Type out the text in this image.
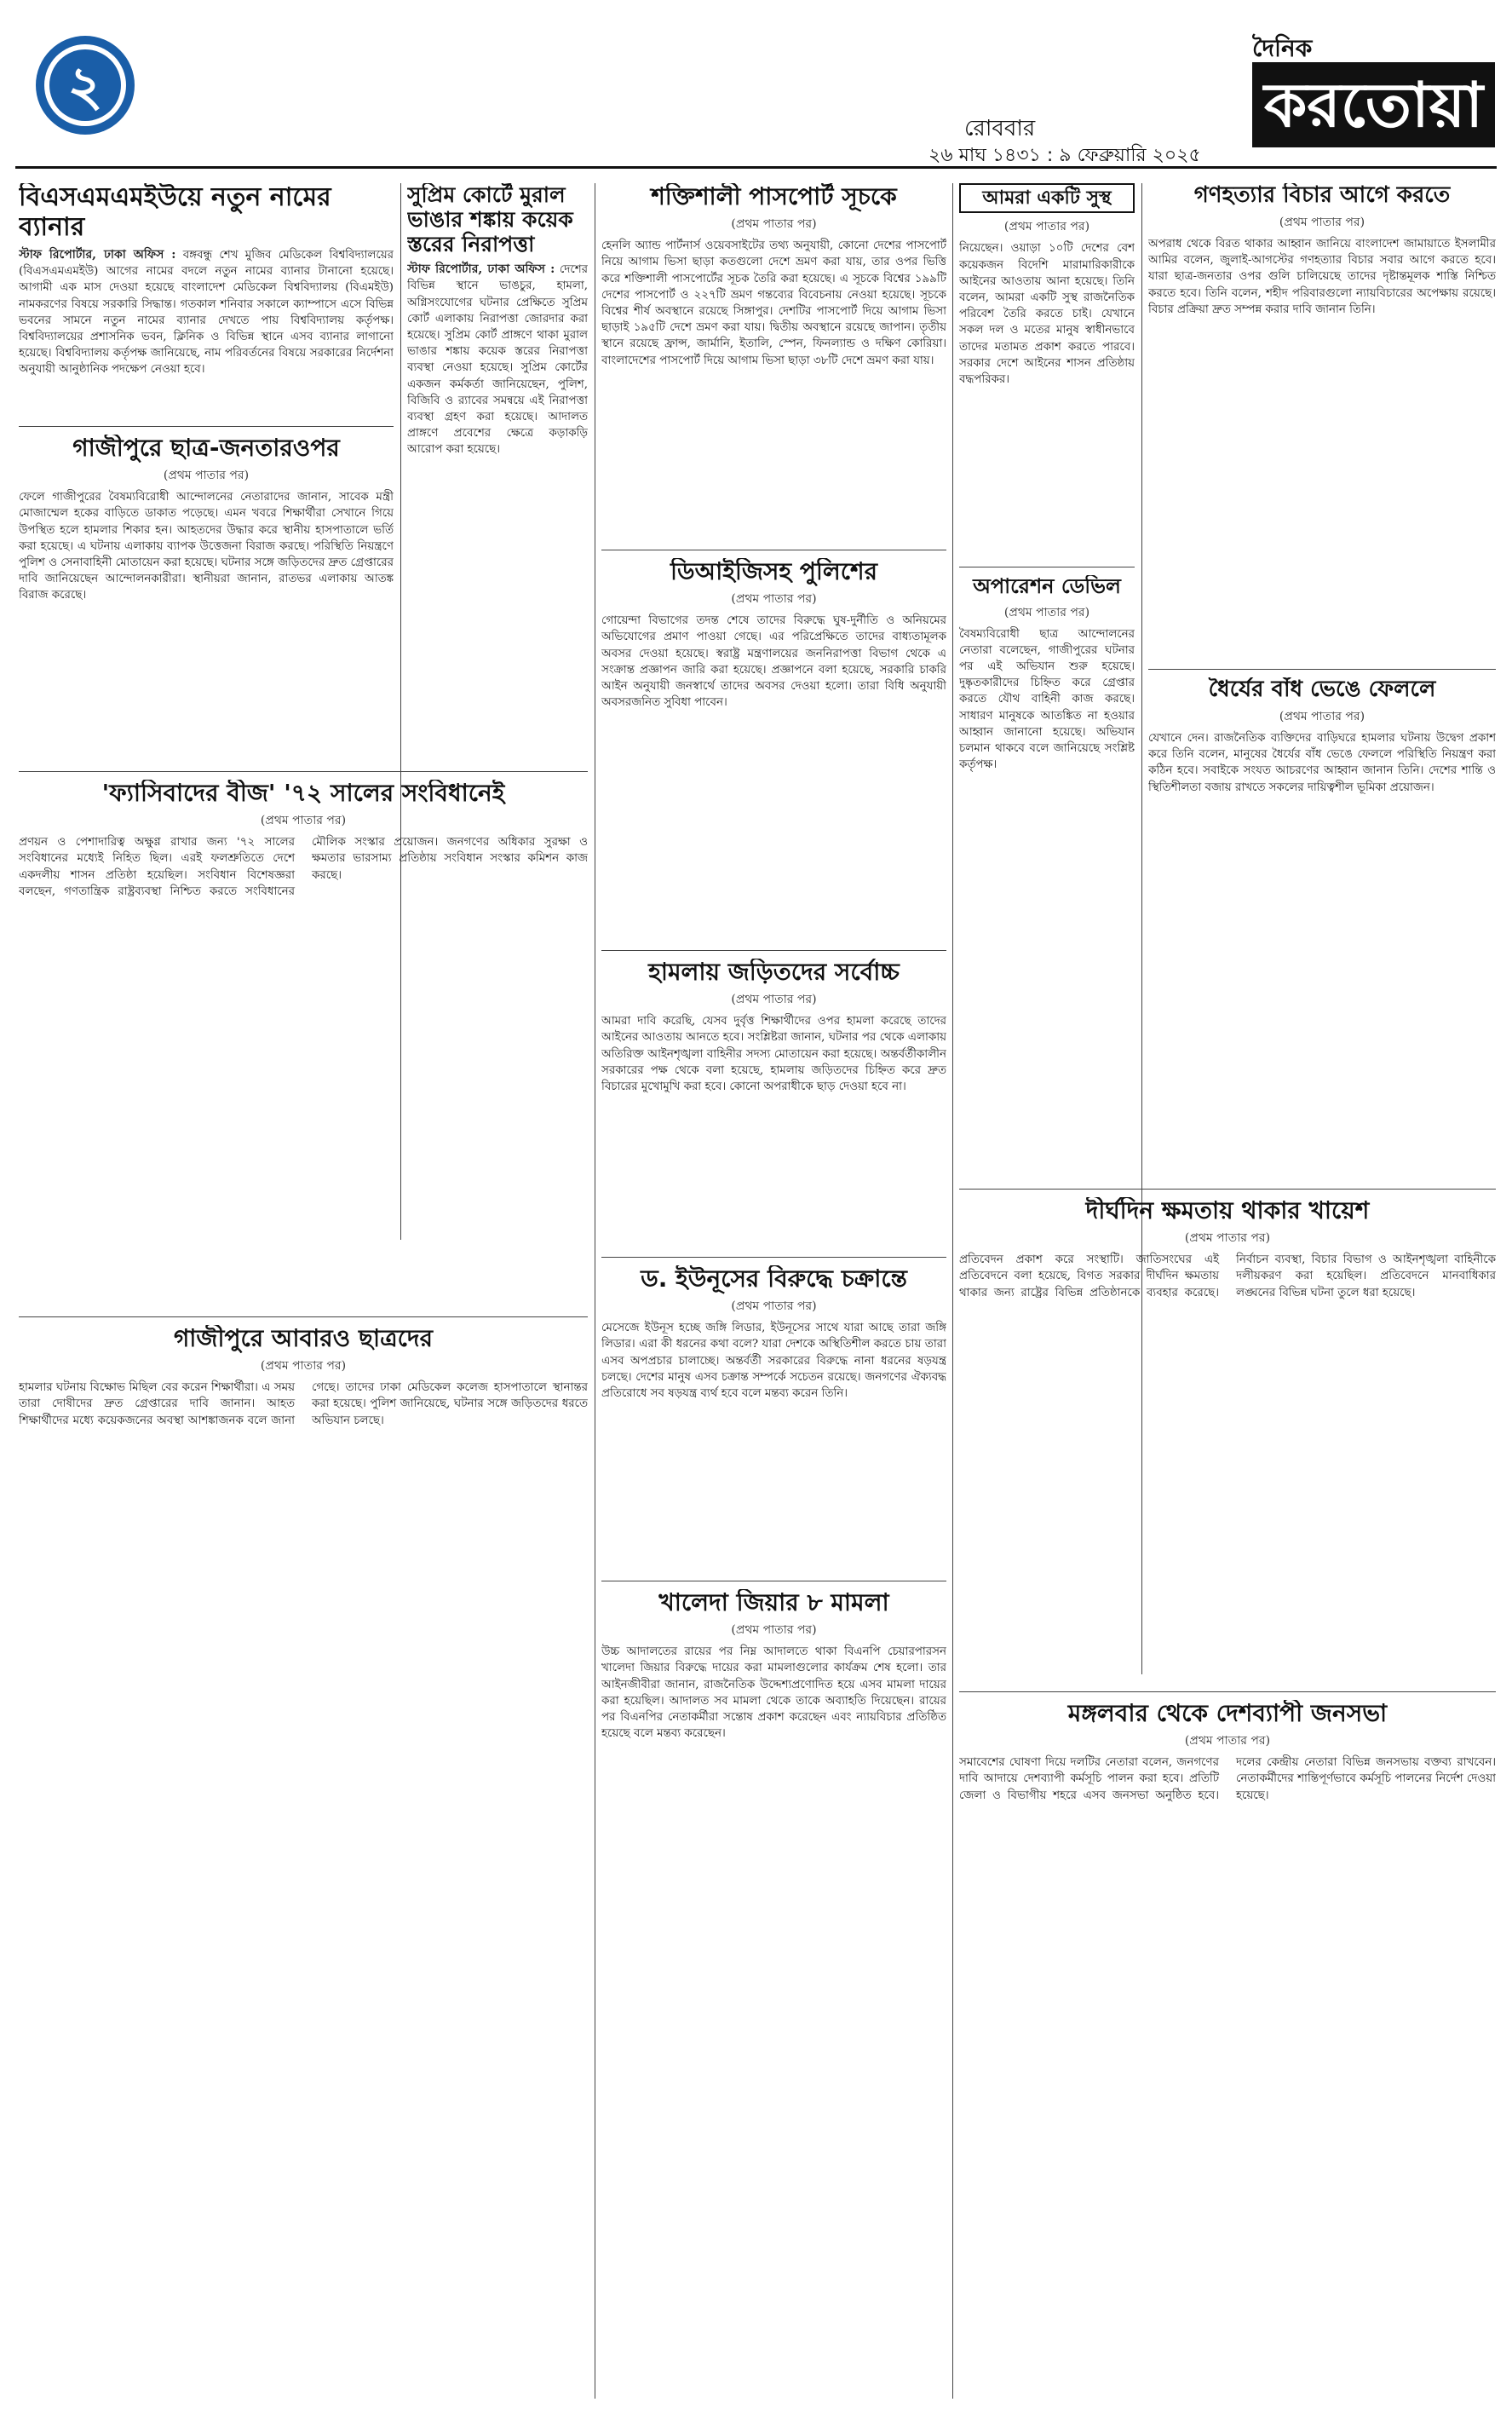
২
রোববার
২৬ মাঘ ১৪৩১ : ৯ ফেব্রুয়ারি ২০২৫
দৈনিক
করতোয়া
বিএসএমএমইউয়ে নতুন নামের ব্যানার
স্টাফ রিপোর্টার, ঢাকা অফিস : বঙ্গবন্ধু শেখ মুজিব মেডিকেল বিশ্ববিদ্যালয়ের (বিএসএমএমইউ) আগের নামের বদলে নতুন নামের ব্যানার টানানো হয়েছে। আগামী এক মাস দেওয়া হয়েছে বাংলাদেশ মেডিকেল বিশ্ববিদ্যালয় (বিএমইউ) নামকরণের বিষয়ে সরকারি সিদ্ধান্ত। গতকাল শনিবার সকালে ক্যাম্পাসে এসে বিভিন্ন ভবনের সামনে নতুন নামের ব্যানার দেখতে পায় বিশ্ববিদ্যালয় কর্তৃপক্ষ। বিশ্ববিদ্যালয়ের প্রশাসনিক ভবন, ক্লিনিক ও বিভিন্ন স্থানে এসব ব্যানার লাগানো হয়েছে। বিশ্ববিদ্যালয় কর্তৃপক্ষ জানিয়েছে, নাম পরিবর্তনের বিষয়ে সরকারের নির্দেশনা অনুযায়ী আনুষ্ঠানিক পদক্ষেপ নেওয়া হবে।
গাজীপুরে ছাত্র-জনতারওপর
(প্রথম পাতার পর)
ফেলে গাজীপুরের বৈষম্যবিরোধী আন্দোলনের নেতারাদের জানান, সাবেক মন্ত্রী মোজাম্মেল হকের বাড়িতে ডাকাত পড়েছে। এমন খবরে শিক্ষার্থীরা সেখানে গিয়ে উপস্থিত হলে হামলার শিকার হন। আহতদের উদ্ধার করে স্থানীয় হাসপাতালে ভর্তি করা হয়েছে। এ ঘটনায় এলাকায় ব্যাপক উত্তেজনা বিরাজ করছে। পরিস্থিতি নিয়ন্ত্রণে পুলিশ ও সেনাবাহিনী মোতায়েন করা হয়েছে। ঘটনার সঙ্গে জড়িতদের দ্রুত গ্রেপ্তারের দাবি জানিয়েছেন আন্দোলনকারীরা। স্থানীয়রা জানান, রাতভর এলাকায় আতঙ্ক বিরাজ করেছে।
সুপ্রিম কোর্টে মুরাল ভাঙার শঙ্কায় কয়েক স্তরের নিরাপত্তা
স্টাফ রিপোর্টার, ঢাকা অফিস : দেশের বিভিন্ন স্থানে ভাঙচুর, হামলা, অগ্নিসংযোগের ঘটনার প্রেক্ষিতে সুপ্রিম কোর্ট এলাকায় নিরাপত্তা জোরদার করা হয়েছে। সুপ্রিম কোর্ট প্রাঙ্গণে থাকা মুরাল ভাঙার শঙ্কায় কয়েক স্তরের নিরাপত্তা ব্যবস্থা নেওয়া হয়েছে। সুপ্রিম কোর্টের একজন কর্মকর্তা জানিয়েছেন, পুলিশ, বিজিবি ও র‍্যাবের সমন্বয়ে এই নিরাপত্তা ব্যবস্থা গ্রহণ করা হয়েছে। আদালত প্রাঙ্গণে প্রবেশের ক্ষেত্রে কড়াকড়ি আরোপ করা হয়েছে।
'ফ্যাসিবাদের বীজ' '৭২ সালের সংবিধানেই
(প্রথম পাতার পর)
প্রণয়ন ও পেশাদারিত্ব অক্ষুণ্ণ রাখার জন্য '৭২ সালের সংবিধানের মধ্যেই নিহিত ছিল। এরই ফলশ্রুতিতে দেশে একদলীয় শাসন প্রতিষ্ঠা হয়েছিল। সংবিধান বিশেষজ্ঞরা বলছেন, গণতান্ত্রিক রাষ্ট্রব্যবস্থা নিশ্চিত করতে সংবিধানের মৌলিক সংস্কার প্রয়োজন। জনগণের অধিকার সুরক্ষা ও ক্ষমতার ভারসাম্য প্রতিষ্ঠায় সংবিধান সংস্কার কমিশন কাজ করছে।
গাজীপুরে আবারও ছাত্রদের
(প্রথম পাতার পর)
হামলার ঘটনায় বিক্ষোভ মিছিল বের করেন শিক্ষার্থীরা। এ সময় তারা দোষীদের দ্রুত গ্রেপ্তারের দাবি জানান। আহত শিক্ষার্থীদের মধ্যে কয়েকজনের অবস্থা আশঙ্কাজনক বলে জানা গেছে। তাদের ঢাকা মেডিকেল কলেজ হাসপাতালে স্থানান্তর করা হয়েছে। পুলিশ জানিয়েছে, ঘটনার সঙ্গে জড়িতদের ধরতে অভিযান চলছে।
শক্তিশালী পাসপোর্ট সূচকে
(প্রথম পাতার পর)
হেনলি অ্যান্ড পার্টনার্স ওয়েবসাইটের তথ্য অনুযায়ী, কোনো দেশের পাসপোর্ট নিয়ে আগাম ভিসা ছাড়া কতগুলো দেশে ভ্রমণ করা যায়, তার ওপর ভিত্তি করে শক্তিশালী পাসপোর্টের সূচক তৈরি করা হয়েছে। এ সূচকে বিশ্বের ১৯৯টি দেশের পাসপোর্ট ও ২২৭টি ভ্রমণ গন্তব্যের বিবেচনায় নেওয়া হয়েছে। সূচকে বিশ্বের শীর্ষ অবস্থানে রয়েছে সিঙ্গাপুর। দেশটির পাসপোর্ট দিয়ে আগাম ভিসা ছাড়াই ১৯৫টি দেশে ভ্রমণ করা যায়। দ্বিতীয় অবস্থানে রয়েছে জাপান। তৃতীয় স্থানে রয়েছে ফ্রান্স, জার্মানি, ইতালি, স্পেন, ফিনল্যান্ড ও দক্ষিণ কোরিয়া। বাংলাদেশের পাসপোর্ট দিয়ে আগাম ভিসা ছাড়া ৩৮টি দেশে ভ্রমণ করা যায়।
ডিআইজিসহ পুলিশের
(প্রথম পাতার পর)
গোয়েন্দা বিভাগের তদন্ত শেষে তাদের বিরুদ্ধে ঘুষ-দুর্নীতি ও অনিয়মের অভিযোগের প্রমাণ পাওয়া গেছে। এর পরিপ্রেক্ষিতে তাদের বাধ্যতামূলক অবসর দেওয়া হয়েছে। স্বরাষ্ট্র মন্ত্রণালয়ের জননিরাপত্তা বিভাগ থেকে এ সংক্রান্ত প্রজ্ঞাপন জারি করা হয়েছে। প্রজ্ঞাপনে বলা হয়েছে, সরকারি চাকরি আইন অনুযায়ী জনস্বার্থে তাদের অবসর দেওয়া হলো। তারা বিধি অনুযায়ী অবসরজনিত সুবিধা পাবেন।
হামলায় জড়িতদের সর্বোচ্চ
(প্রথম পাতার পর)
আমরা দাবি করেছি, যেসব দুর্বৃত্ত শিক্ষার্থীদের ওপর হামলা করেছে তাদের আইনের আওতায় আনতে হবে। সংশ্লিষ্টরা জানান, ঘটনার পর থেকে এলাকায় অতিরিক্ত আইনশৃঙ্খলা বাহিনীর সদস্য মোতায়েন করা হয়েছে। অন্তর্বর্তীকালীন সরকারের পক্ষ থেকে বলা হয়েছে, হামলায় জড়িতদের চিহ্নিত করে দ্রুত বিচারের মুখোমুখি করা হবে। কোনো অপরাধীকে ছাড় দেওয়া হবে না।
ড. ইউনূসের বিরুদ্ধে চক্রান্তে
(প্রথম পাতার পর)
মেসেজে ইউনূস হচ্ছে জঙ্গি লিডার, ইউনূসের সাথে যারা আছে তারা জঙ্গি লিডার। এরা কী ধরনের কথা বলে? যারা দেশকে অস্থিতিশীল করতে চায় তারা এসব অপপ্রচার চালাচ্ছে। অন্তর্বর্তী সরকারের বিরুদ্ধে নানা ধরনের ষড়যন্ত্র চলছে। দেশের মানুষ এসব চক্রান্ত সম্পর্কে সচেতন রয়েছে। জনগণের ঐক্যবদ্ধ প্রতিরোধে সব ষড়যন্ত্র ব্যর্থ হবে বলে মন্তব্য করেন তিনি।
খালেদা জিয়ার ৮ মামলা
(প্রথম পাতার পর)
উচ্চ আদালতের রায়ের পর নিম্ন আদালতে থাকা বিএনপি চেয়ারপারসন খালেদা জিয়ার বিরুদ্ধে দায়ের করা মামলাগুলোর কার্যক্রম শেষ হলো। তার আইনজীবীরা জানান, রাজনৈতিক উদ্দেশ্যপ্রণোদিত হয়ে এসব মামলা দায়ের করা হয়েছিল। আদালত সব মামলা থেকে তাকে অব্যাহতি দিয়েছেন। রায়ের পর বিএনপির নেতাকর্মীরা সন্তোষ প্রকাশ করেছেন এবং ন্যায়বিচার প্রতিষ্ঠিত হয়েছে বলে মন্তব্য করেছেন।
আমরা একটি সুস্থ
(প্রথম পাতার পর)
নিয়েছেন। ওয়াড়া ১০টি দেশের বেশ কয়েকজন বিদেশি মারামারিকারীকে আইনের আওতায় আনা হয়েছে। তিনি বলেন, আমরা একটি সুস্থ রাজনৈতিক পরিবেশ তৈরি করতে চাই। যেখানে সকল দল ও মতের মানুষ স্বাধীনভাবে তাদের মতামত প্রকাশ করতে পারবে। সরকার দেশে আইনের শাসন প্রতিষ্ঠায় বদ্ধপরিকর।
অপারেশন ডেভিল
(প্রথম পাতার পর)
বৈষম্যবিরোধী ছাত্র আন্দোলনের নেতারা বলেছেন, গাজীপুরের ঘটনার পর এই অভিযান শুরু হয়েছে। দুষ্কৃতকারীদের চিহ্নিত করে গ্রেপ্তার করতে যৌথ বাহিনী কাজ করছে। সাধারণ মানুষকে আতঙ্কিত না হওয়ার আহ্বান জানানো হয়েছে। অভিযান চলমান থাকবে বলে জানিয়েছে সংশ্লিষ্ট কর্তৃপক্ষ।
গণহত্যার বিচার আগে করতে
(প্রথম পাতার পর)
অপরাধ থেকে বিরত থাকার আহ্বান জানিয়ে বাংলাদেশ জামায়াতে ইসলামীর আমির বলেন, জুলাই-আগস্টের গণহত্যার বিচার সবার আগে করতে হবে। যারা ছাত্র-জনতার ওপর গুলি চালিয়েছে তাদের দৃষ্টান্তমূলক শাস্তি নিশ্চিত করতে হবে। তিনি বলেন, শহীদ পরিবারগুলো ন্যায়বিচারের অপেক্ষায় রয়েছে। বিচার প্রক্রিয়া দ্রুত সম্পন্ন করার দাবি জানান তিনি।
ধৈর্যের বাঁধ ভেঙে ফেললে
(প্রথম পাতার পর)
যেখানে দেন। রাজনৈতিক ব্যক্তিদের বাড়িঘরে হামলার ঘটনায় উদ্বেগ প্রকাশ করে তিনি বলেন, মানুষের ধৈর্যের বাঁধ ভেঙে ফেললে পরিস্থিতি নিয়ন্ত্রণ করা কঠিন হবে। সবাইকে সংযত আচরণের আহ্বান জানান তিনি। দেশের শান্তি ও স্থিতিশীলতা বজায় রাখতে সকলের দায়িত্বশীল ভূমিকা প্রয়োজন।
দীর্ঘদিন ক্ষমতায় থাকার খায়েশ
(প্রথম পাতার পর)
প্রতিবেদন প্রকাশ করে সংস্থাটি। জাতিসংঘের এই প্রতিবেদনে বলা হয়েছে, বিগত সরকার দীর্ঘদিন ক্ষমতায় থাকার জন্য রাষ্ট্রের বিভিন্ন প্রতিষ্ঠানকে ব্যবহার করেছে। নির্বাচন ব্যবস্থা, বিচার বিভাগ ও আইনশৃঙ্খলা বাহিনীকে দলীয়করণ করা হয়েছিল। প্রতিবেদনে মানবাধিকার লঙ্ঘনের বিভিন্ন ঘটনা তুলে ধরা হয়েছে।
মঙ্গলবার থেকে দেশব্যাপী জনসভা
(প্রথম পাতার পর)
সমাবেশের ঘোষণা দিয়ে দলটির নেতারা বলেন, জনগণের দাবি আদায়ে দেশব্যাপী কর্মসূচি পালন করা হবে। প্রতিটি জেলা ও বিভাগীয় শহরে এসব জনসভা অনুষ্ঠিত হবে। দলের কেন্দ্রীয় নেতারা বিভিন্ন জনসভায় বক্তব্য রাখবেন। নেতাকর্মীদের শান্তিপূর্ণভাবে কর্মসূচি পালনের নির্দেশ দেওয়া হয়েছে।
